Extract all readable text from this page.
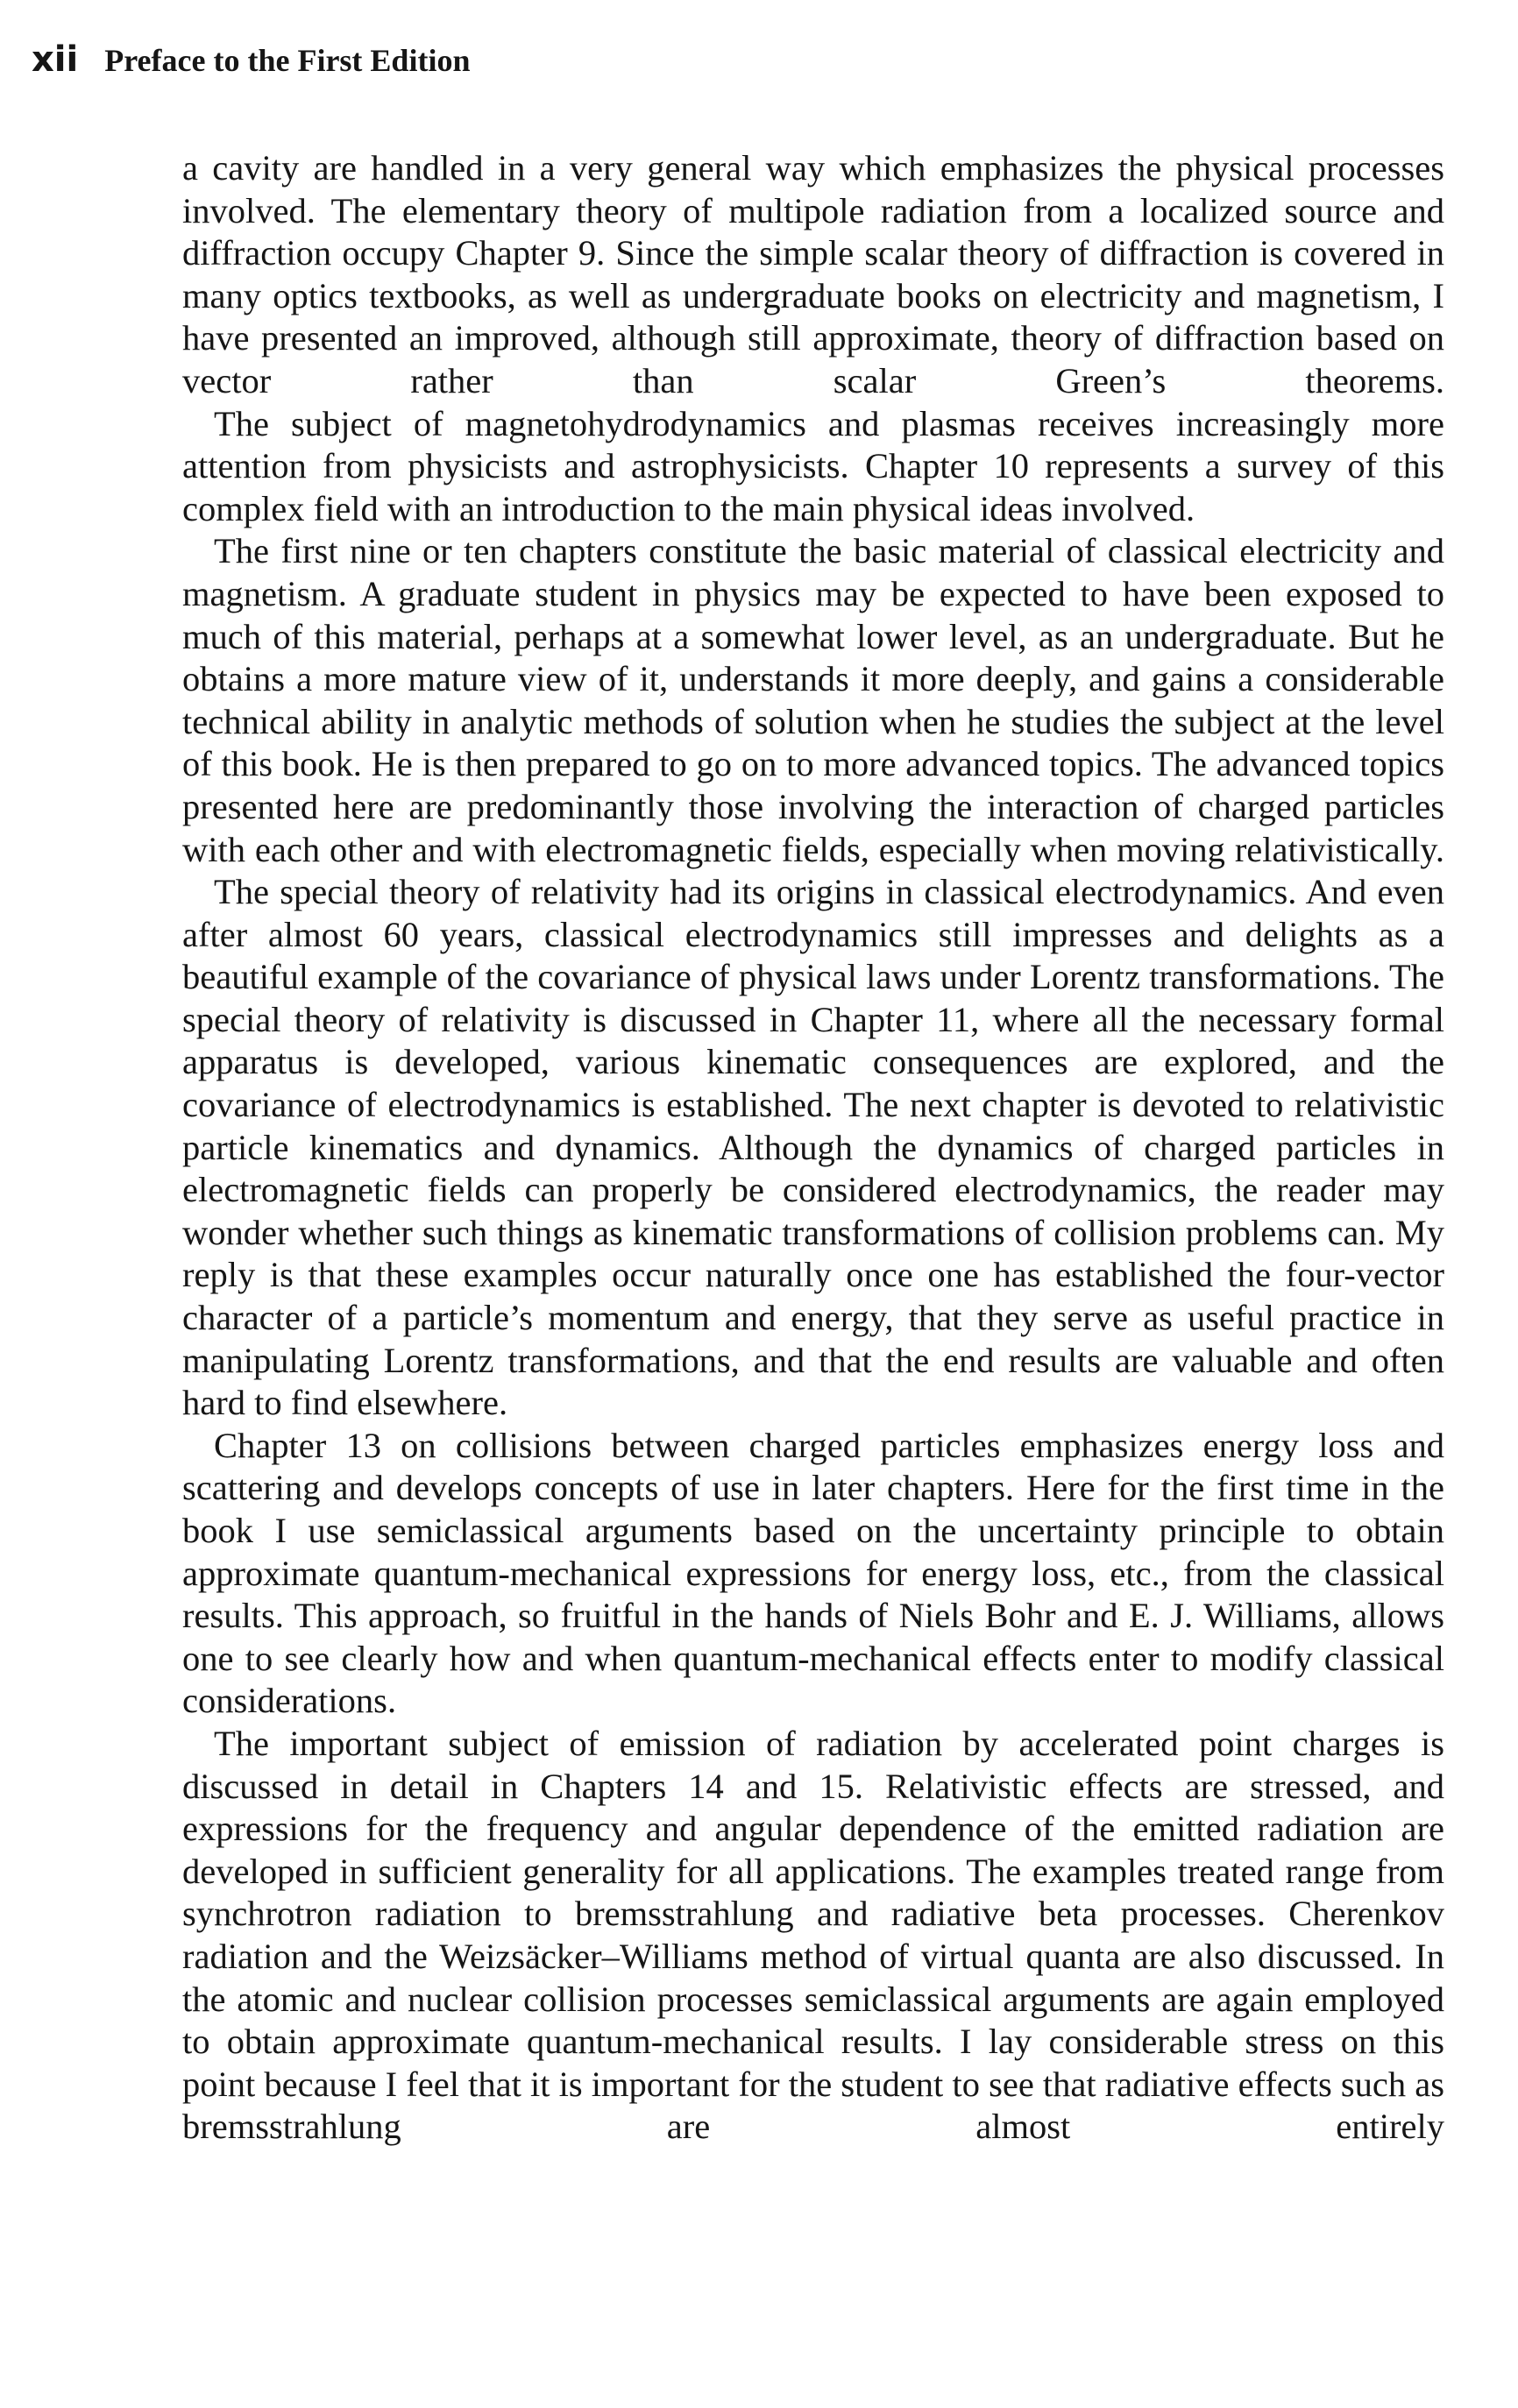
xii Preface to the First Edition

a cavity are handled in a very general way which emphasizes the physical processes involved. The elementary theory of multipole radiation from a localized source and diffraction occupy Chapter 9. Since the simple scalar theory of diffraction is covered in many optics textbooks, as well as undergraduate books on electricity and magnetism, I have presented an improved, although still approximate, theory of diffraction based on vector rather than scalar Green’s theorems.

The subject of magnetohydrodynamics and plasmas receives increasingly more attention from physicists and astrophysicists. Chapter 10 represents a survey of this complex field with an introduction to the main physical ideas involved.

The first nine or ten chapters constitute the basic material of classical electricity and magnetism. A graduate student in physics may be expected to have been exposed to much of this material, perhaps at a somewhat lower level, as an undergraduate. But he obtains a more mature view of it, understands it more deeply, and gains a considerable technical ability in analytic methods of solution when he studies the subject at the level of this book. He is then prepared to go on to more advanced topics. The advanced topics presented here are predominantly those involving the interaction of charged particles with each other and with electromagnetic fields, especially when moving relativistically.

The special theory of relativity had its origins in classical electrodynamics. And even after almost 60 years, classical electrodynamics still impresses and delights as a beautiful example of the covariance of physical laws under Lorentz transformations. The special theory of relativity is discussed in Chapter 11, where all the necessary formal apparatus is developed, various kinematic consequences are explored, and the covariance of electrodynamics is established. The next chapter is devoted to relativistic particle kinematics and dynamics. Although the dynamics of charged particles in electromagnetic fields can properly be considered electrodynamics, the reader may wonder whether such things as kinematic transformations of collision problems can. My reply is that these examples occur naturally once one has established the four-vector character of a particle’s momentum and energy, that they serve as useful practice in manipulating Lorentz transformations, and that the end results are valuable and often hard to find elsewhere.

Chapter 13 on collisions between charged particles emphasizes energy loss and scattering and develops concepts of use in later chapters. Here for the first time in the book I use semiclassical arguments based on the uncertainty principle to obtain approximate quantum-mechanical expressions for energy loss, etc., from the classical results. This approach, so fruitful in the hands of Niels Bohr and E. J. Williams, allows one to see clearly how and when quantum-mechanical effects enter to modify classical considerations.

The important subject of emission of radiation by accelerated point charges is discussed in detail in Chapters 14 and 15. Relativistic effects are stressed, and expressions for the frequency and angular dependence of the emitted radiation are developed in sufficient generality for all applications. The examples treated range from synchrotron radiation to bremsstrahlung and radiative beta processes. Cherenkov radiation and the Weizsäcker–Williams method of virtual quanta are also discussed. In the atomic and nuclear collision processes semiclassical arguments are again employed to obtain approximate quantum-mechanical results. I lay considerable stress on this point because I feel that it is important for the student to see that radiative effects such as bremsstrahlung are almost entirely
